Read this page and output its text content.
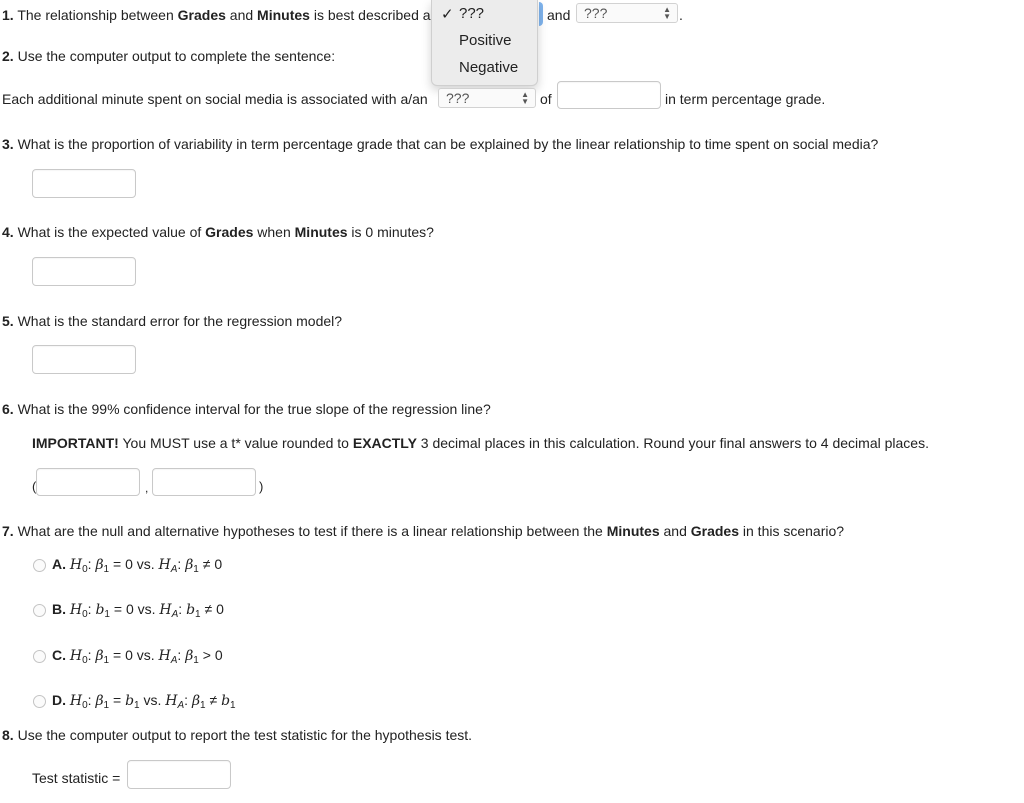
1. The relationship between Grades and Minutes is best described a	and ???	▲
▼ .
✓ ???
Positive
Negative
2. Use the computer output to complete the sentence:
Each additional minute spent on social media is associated with a/an	???	▲
▼ of	in term percentage grade.
3. What is the proportion of variability in term percentage grade that can be explained by the linear relationship to time spent on social media?
4. What is the expected value of Grades when Minutes is 0 minutes?
5. What is the standard error for the regression model?
6. What is the 99% confidence interval for the true slope of the regression line?
IMPORTANT! You MUST use a t* value rounded to EXACTLY 3 decimal places in this calculation. Round your final answers to 4 decimal places.
(	,	)
7. What are the null and alternative hypotheses to test if there is a linear relationship between the Minutes and Grades in this scenario?
A. $H_0$: $\beta_1 = 0$ vs. $H_A$: $\beta_1 \ne 0$
B. $H_0$: $b_1 = 0$ vs. $H_A$: $b_1 \ne 0$
C. $H_0$: $\beta_1 = 0$ vs. $H_A$: $\beta_1 > 0$
D. $H_0$: $\beta_1 = b_1$ vs. $H_A$: $\beta_1 \ne b_1$
8. Use the computer output to report the test statistic for the hypothesis test.
Test statistic =
